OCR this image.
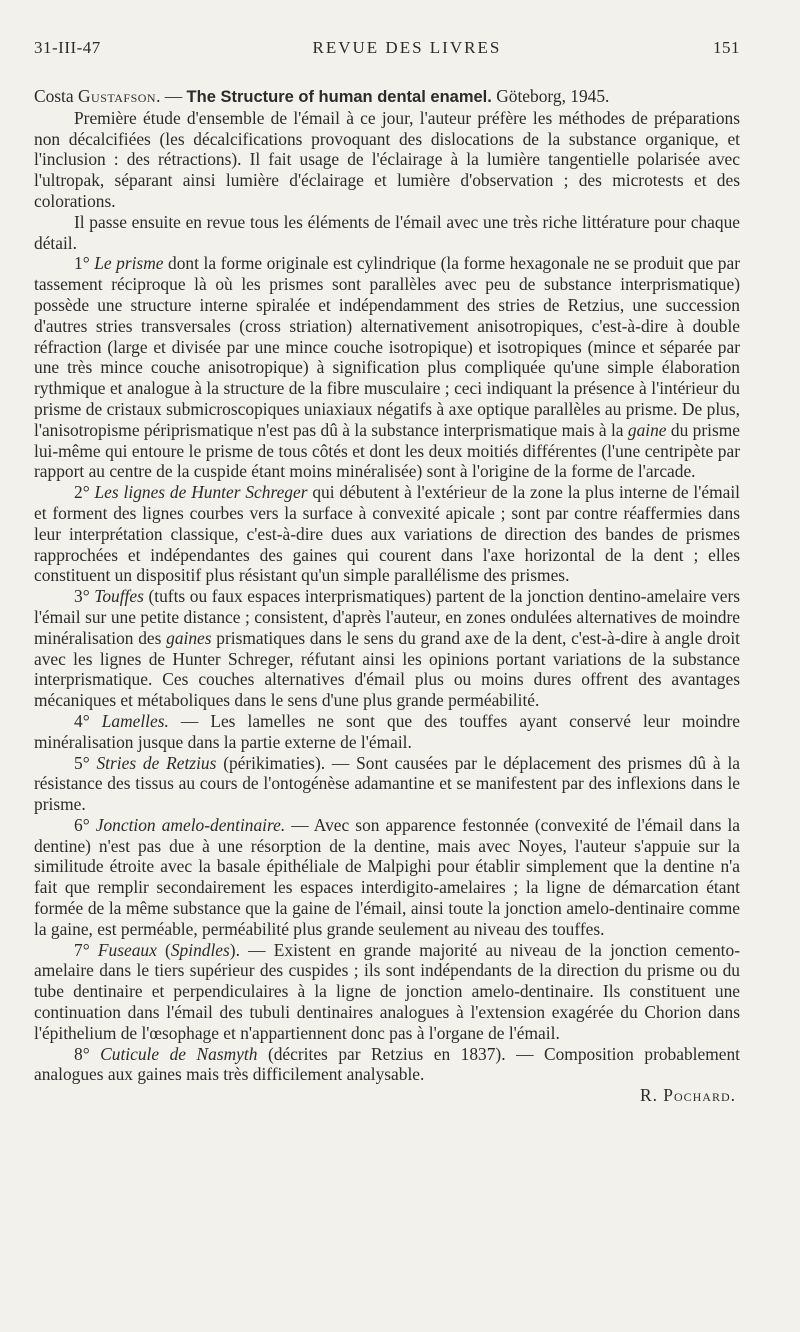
31-III-47	REVUE DES LIVRES	151

Costa Gustafson. — The Structure of human dental enamel. Göteborg, 1945.

Première étude d'ensemble de l'émail à ce jour, l'auteur préfère les méthodes de préparations non décalcifiées (les décalcifications provoquant des dislocations de la substance organique, et l'inclusion : des rétractions). Il fait usage de l'éclairage à la lumière tangentielle polarisée avec l'ultropak, séparant ainsi lumière d'éclairage et lumière d'observation ; des microtests et des colorations.

Il passe ensuite en revue tous les éléments de l'émail avec une très riche littérature pour chaque détail.

1° Le prisme dont la forme originale est cylindrique (la forme hexagonale ne se produit que par tassement réciproque là où les prismes sont parallèles avec peu de substance interprismatique) possède une structure interne spiralée et indépendamment des stries de Retzius, une succession d'autres stries transversales (cross striation) alternativement anisotropiques, c'est-à-dire à double réfraction (large et divisée par une mince couche isotropique) et isotropiques (mince et séparée par une très mince couche anisotropique) à signification plus compliquée qu'une simple élaboration rythmique et analogue à la structure de la fibre musculaire ; ceci indiquant la présence à l'intérieur du prisme de cristaux submicroscopiques uniaxiaux négatifs à axe optique parallèles au prisme. De plus, l'anisotropisme périprismatique n'est pas dû à la substance interprismatique mais à la gaine du prisme lui-même qui entoure le prisme de tous côtés et dont les deux moitiés différentes (l'une centripète par rapport au centre de la cuspide étant moins minéralisée) sont à l'origine de la forme de l'arcade.

2° Les lignes de Hunter Schreger qui débutent à l'extérieur de la zone la plus interne de l'émail et forment des lignes courbes vers la surface à convexité apicale ; sont par contre réaffermies dans leur interprétation classique, c'est-à-dire dues aux variations de direction des bandes de prismes rapprochées et indépendantes des gaines qui courent dans l'axe horizontal de la dent ; elles constituent un dispositif plus résistant qu'un simple parallélisme des prismes.

3° Touffes (tufts ou faux espaces interprismatiques) partent de la jonction dentino-amelaire vers l'émail sur une petite distance ; consistent, d'après l'auteur, en zones ondulées alternatives de moindre minéralisation des gaines prismatiques dans le sens du grand axe de la dent, c'est-à-dire à angle droit avec les lignes de Hunter Schreger, réfutant ainsi les opinions portant variations de la substance interprismatique. Ces couches alternatives d'émail plus ou moins dures offrent des avantages mécaniques et métaboliques dans le sens d'une plus grande perméabilité.

4° Lamelles. — Les lamelles ne sont que des touffes ayant conservé leur moindre minéralisation jusque dans la partie externe de l'émail.

5° Stries de Retzius (périkimaties). — Sont causées par le déplacement des prismes dû à la résistance des tissus au cours de l'ontogénèse adamantine et se manifestent par des inflexions dans le prisme.

6° Jonction amelo-dentinaire. — Avec son apparence festonnée (convexité de l'émail dans la dentine) n'est pas due à une résorption de la dentine, mais avec Noyes, l'auteur s'appuie sur la similitude étroite avec la basale épithéliale de Malpighi pour établir simplement que la dentine n'a fait que remplir secondairement les espaces interdigito-amelaires ; la ligne de démarcation étant formée de la même substance que la gaine de l'émail, ainsi toute la jonction amelo-dentinaire comme la gaine, est perméable, perméabilité plus grande seulement au niveau des touffes.

7° Fuseaux (Spindles). — Existent en grande majorité au niveau de la jonction cemento-amelaire dans le tiers supérieur des cuspides ; ils sont indépendants de la direction du prisme ou du tube dentinaire et perpendiculaires à la ligne de jonction amelo-dentinaire. Ils constituent une continuation dans l'émail des tubuli dentinaires analogues à l'extension exagérée du Chorion dans l'épithelium de l'œsophage et n'appartiennent donc pas à l'organe de l'émail.

8° Cuticule de Nasmyth (décrites par Retzius en 1837). — Composition probablement analogues aux gaines mais très difficilement analysable.

R. Pochard.
